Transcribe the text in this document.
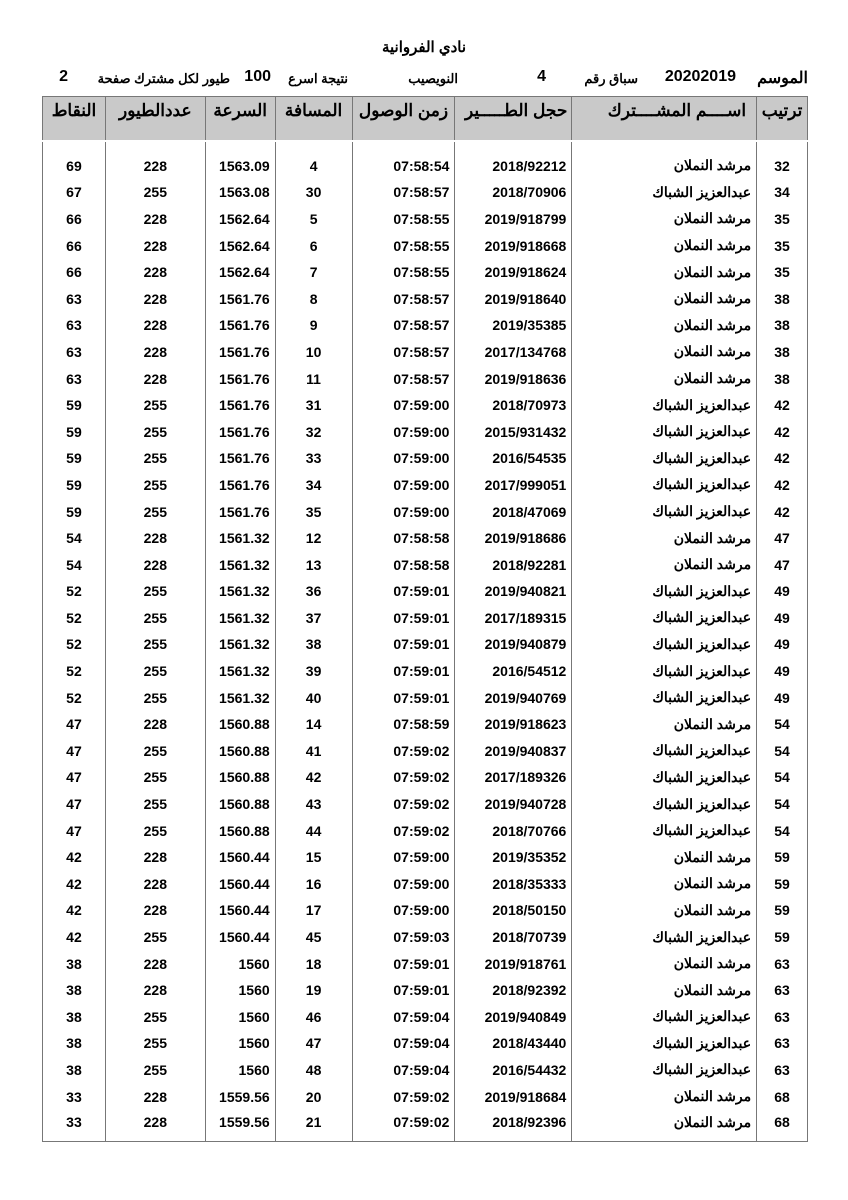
نادي الفروانية
الموسم
20202019
سباق رقم
4
النويصيب
نتيجة اسرع
100
طيور لكل مشترك صفحة
2
ترتيب	اســــم المشــــترك	حجل الطـــــير	زمن الوصول	المسافة	السرعة	عددالطيور	النقاط

32	مرشد النملان	2018/92212	07:58:54	4	1563.09	228	69
34	عبدالعزيز الشباك	2018/70906	07:58:57	30	1563.08	255	67
35	مرشد النملان	2019/918799	07:58:55	5	1562.64	228	66
35	مرشد النملان	2019/918668	07:58:55	6	1562.64	228	66
35	مرشد النملان	2019/918624	07:58:55	7	1562.64	228	66
38	مرشد النملان	2019/918640	07:58:57	8	1561.76	228	63
38	مرشد النملان	2019/35385	07:58:57	9	1561.76	228	63
38	مرشد النملان	2017/134768	07:58:57	10	1561.76	228	63
38	مرشد النملان	2019/918636	07:58:57	11	1561.76	228	63
42	عبدالعزيز الشباك	2018/70973	07:59:00	31	1561.76	255	59
42	عبدالعزيز الشباك	2015/931432	07:59:00	32	1561.76	255	59
42	عبدالعزيز الشباك	2016/54535	07:59:00	33	1561.76	255	59
42	عبدالعزيز الشباك	2017/999051	07:59:00	34	1561.76	255	59
42	عبدالعزيز الشباك	2018/47069	07:59:00	35	1561.76	255	59
47	مرشد النملان	2019/918686	07:58:58	12	1561.32	228	54
47	مرشد النملان	2018/92281	07:58:58	13	1561.32	228	54
49	عبدالعزيز الشباك	2019/940821	07:59:01	36	1561.32	255	52
49	عبدالعزيز الشباك	2017/189315	07:59:01	37	1561.32	255	52
49	عبدالعزيز الشباك	2019/940879	07:59:01	38	1561.32	255	52
49	عبدالعزيز الشباك	2016/54512	07:59:01	39	1561.32	255	52
49	عبدالعزيز الشباك	2019/940769	07:59:01	40	1561.32	255	52
54	مرشد النملان	2019/918623	07:58:59	14	1560.88	228	47
54	عبدالعزيز الشباك	2019/940837	07:59:02	41	1560.88	255	47
54	عبدالعزيز الشباك	2017/189326	07:59:02	42	1560.88	255	47
54	عبدالعزيز الشباك	2019/940728	07:59:02	43	1560.88	255	47
54	عبدالعزيز الشباك	2018/70766	07:59:02	44	1560.88	255	47
59	مرشد النملان	2019/35352	07:59:00	15	1560.44	228	42
59	مرشد النملان	2018/35333	07:59:00	16	1560.44	228	42
59	مرشد النملان	2018/50150	07:59:00	17	1560.44	228	42
59	عبدالعزيز الشباك	2018/70739	07:59:03	45	1560.44	255	42
63	مرشد النملان	2019/918761	07:59:01	18	1560	228	38
63	مرشد النملان	2018/92392	07:59:01	19	1560	228	38
63	عبدالعزيز الشباك	2019/940849	07:59:04	46	1560	255	38
63	عبدالعزيز الشباك	2018/43440	07:59:04	47	1560	255	38
63	عبدالعزيز الشباك	2016/54432	07:59:04	48	1560	255	38
68	مرشد النملان	2019/918684	07:59:02	20	1559.56	228	33
68	مرشد النملان	2018/92396	07:59:02	21	1559.56	228	33
